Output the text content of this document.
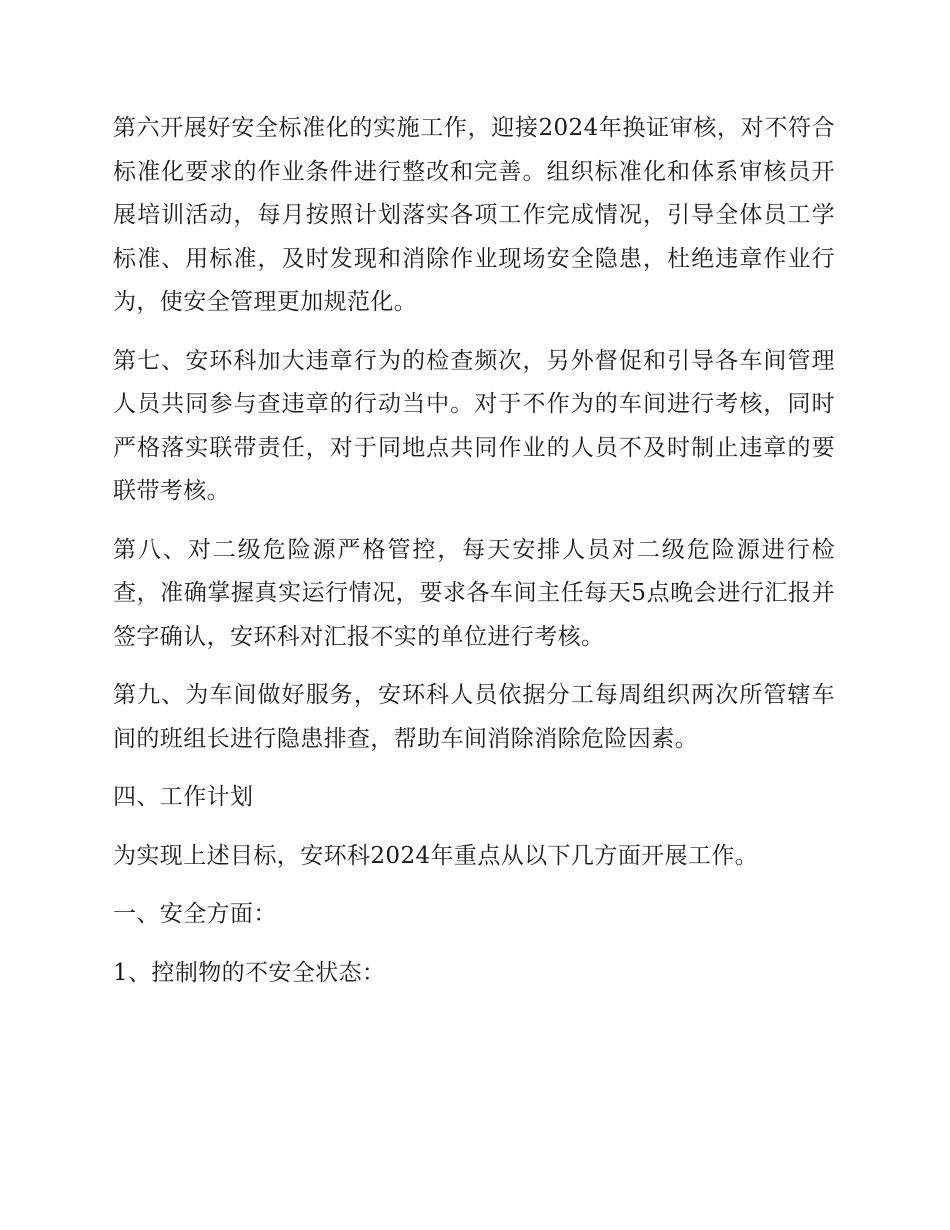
第六开展好安全标准化的实施工作，迎接2024年换证审核，对不符合标准化要求的作业条件进行整改和完善。组织标准化和体系审核员开展培训活动，每月按照计划落实各项工作完成情况，引导全体员工学标准、用标准，及时发现和消除作业现场安全隐患，杜绝违章作业行为，使安全管理更加规范化。

第七、安环科加大违章行为的检查频次，另外督促和引导各车间管理人员共同参与查违章的行动当中。对于不作为的车间进行考核，同时严格落实联带责任，对于同地点共同作业的人员不及时制止违章的要联带考核。

第八、对二级危险源严格管控，每天安排人员对二级危险源进行检查，准确掌握真实运行情况，要求各车间主任每天5点晚会进行汇报并签字确认，安环科对汇报不实的单位进行考核。

第九、为车间做好服务，安环科人员依据分工每周组织两次所管辖车间的班组长进行隐患排查，帮助车间消除消除危险因素。

四、工作计划

为实现上述目标，安环科2024年重点从以下几方面开展工作。

一、安全方面：

1、控制物的不安全状态：
